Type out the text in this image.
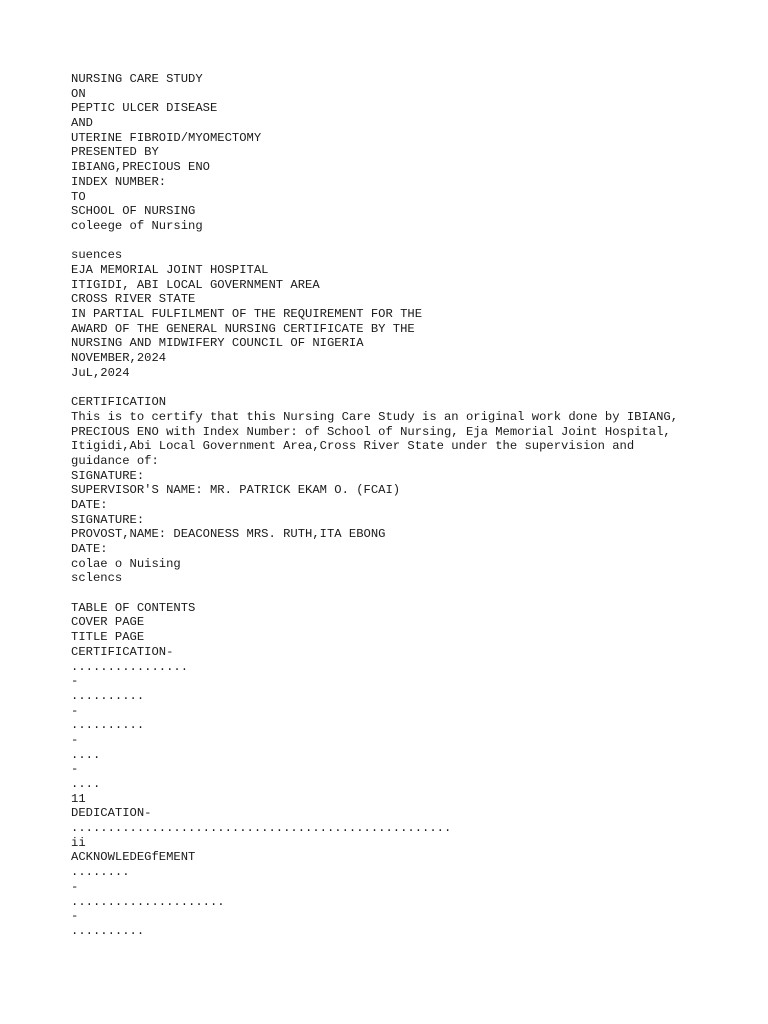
NURSING CARE STUDY
ON
PEPTIC ULCER DISEASE
AND
UTERINE FIBROID/MYOMECTOMY
PRESENTED BY
IBIANG,PRECIOUS ENO
INDEX NUMBER:
TO
SCHOOL OF NURSING
coleege of Nursing
suences
EJA MEMORIAL JOINT HOSPITAL
ITIGIDI, ABI LOCAL GOVERNMENT AREA
CROSS RIVER STATE
IN PARTIAL FULFILMENT OF THE REQUIREMENT FOR THE
AWARD OF THE GENERAL NURSING CERTIFICATE BY THE
NURSING AND MIDWIFERY COUNCIL OF NIGERIA
NOVEMBER,2024
JuL,2024
CERTIFICATION
This is to certify that this Nursing Care Study is an original work done by IBIANG,
PRECIOUS ENO with Index Number: of School of Nursing, Eja Memorial Joint Hospital,
Itigidi,Abi Local Government Area,Cross River State under the supervision and
guidance of:
SIGNATURE:
SUPERVISOR'S NAME: MR. PATRICK EKAM O. (FCAI)
DATE:
SIGNATURE:
PROVOST,NAME: DEACONESS MRS. RUTH,ITA EBONG
DATE:
colae o Nuising
sclencs
TABLE OF CONTENTS
COVER PAGE
TITLE PAGE
CERTIFICATION-
................
-
..........
-
..........
-
....
-
....
11
DEDICATION-
....................................................
ii
ACKNOWLEDEGfEMENT
........
-
.....................
-
..........
